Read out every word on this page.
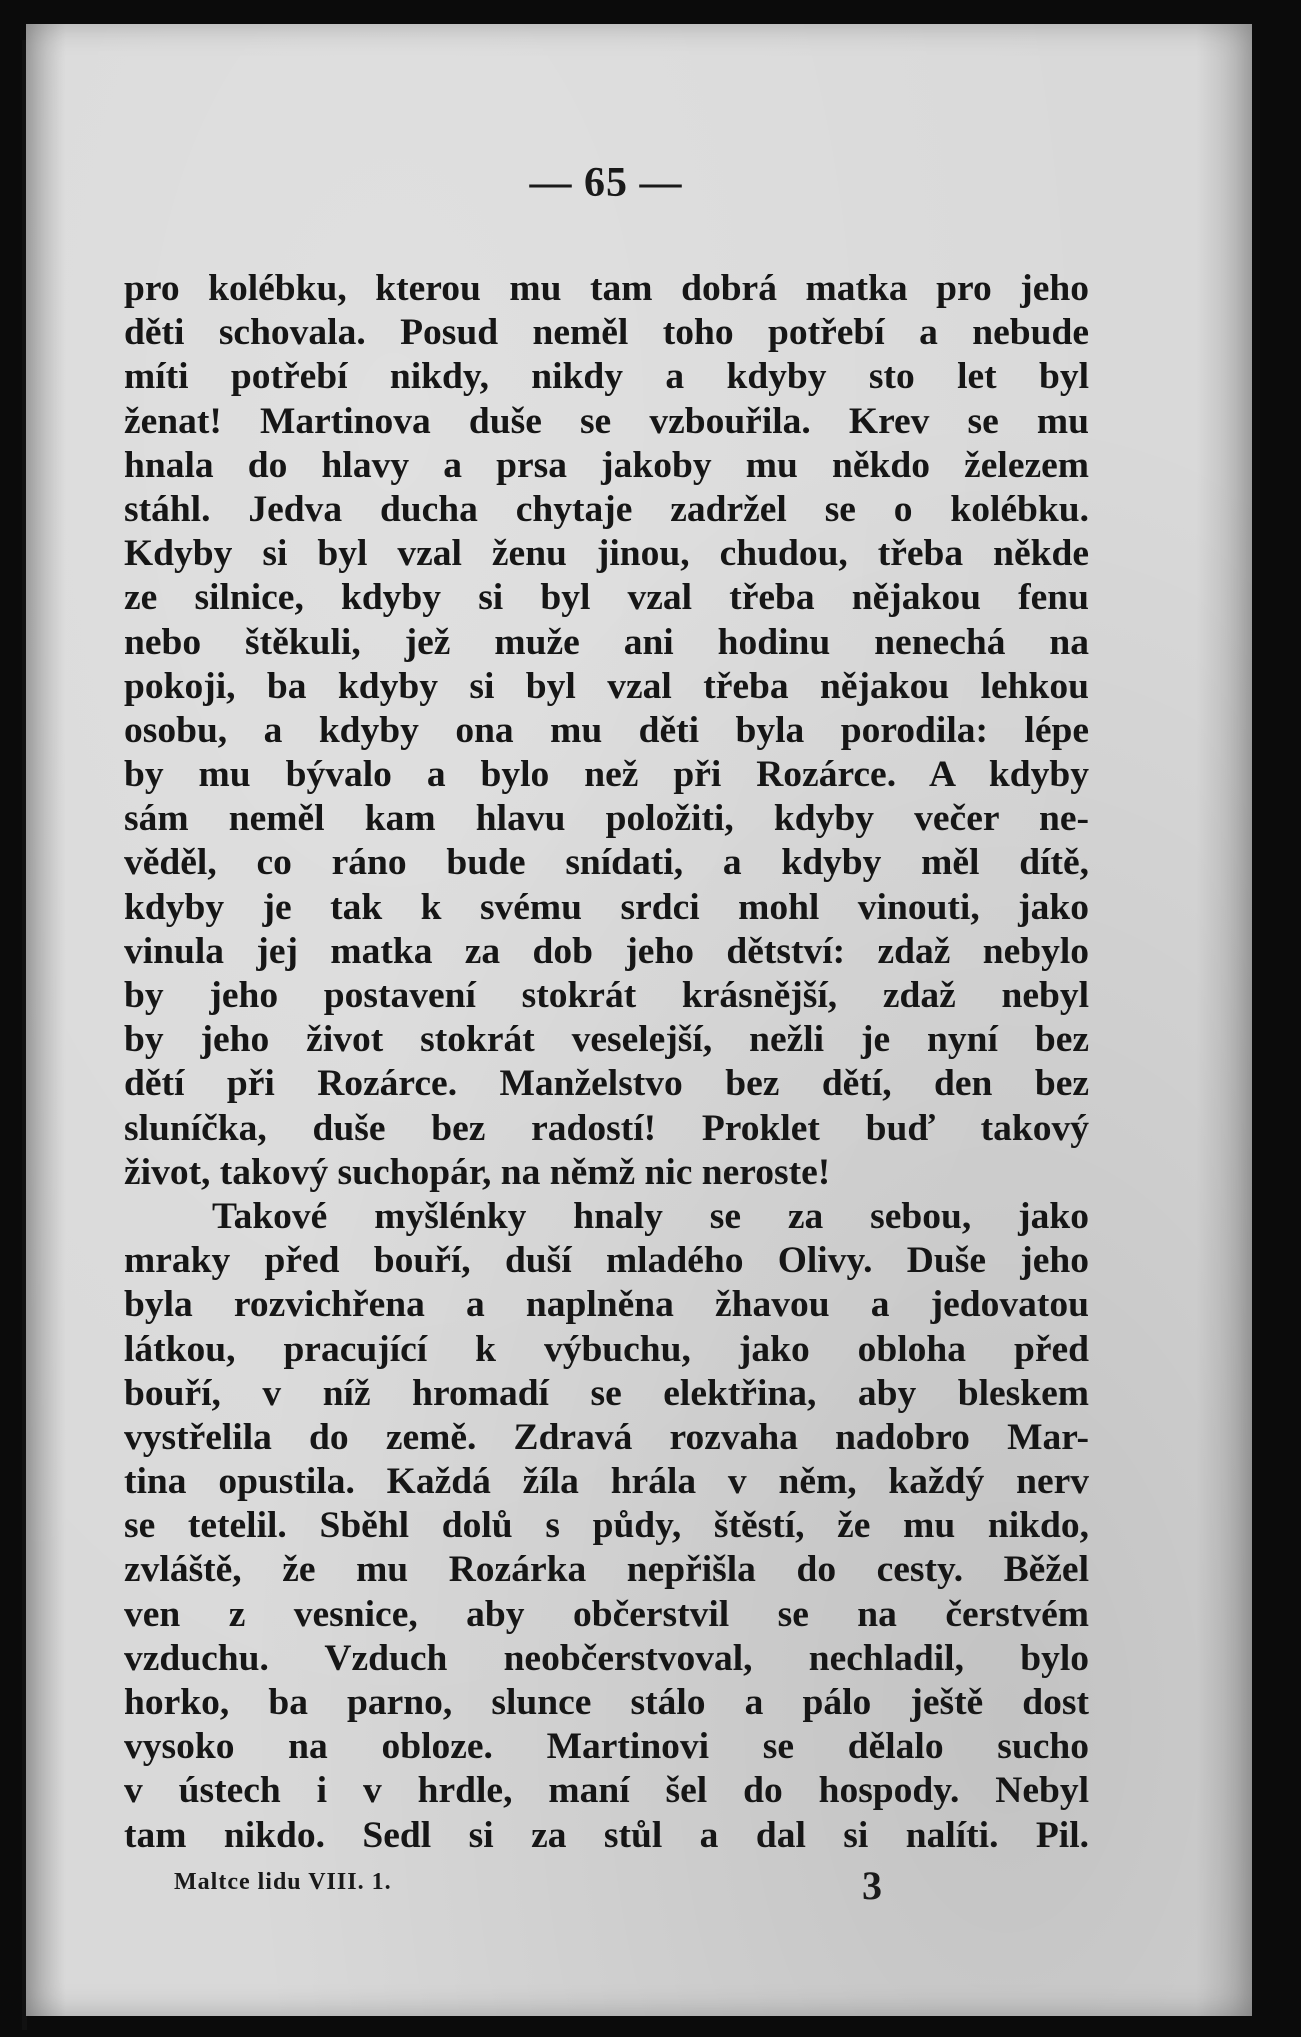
— 65 —
pro kolébku, kterou mu tam dobrá matka pro jeho
děti schovala. Posud neměl toho potřebí a nebude
míti potřebí nikdy, nikdy a kdyby sto let byl
ženat! Martinova duše se vzbouřila. Krev se mu
hnala do hlavy a prsa jakoby mu někdo železem
stáhl. Jedva ducha chytaje zadržel se o kolébku.
Kdyby si byl vzal ženu jinou, chudou, třeba někde
ze silnice, kdyby si byl vzal třeba nějakou fenu
nebo štěkuli, jež muže ani hodinu nenechá na
pokoji, ba kdyby si byl vzal třeba nějakou lehkou
osobu, a kdyby ona mu děti byla porodila: lépe
by mu bývalo a bylo než při Rozárce. A kdyby
sám neměl kam hlavu položiti, kdyby večer ne-
věděl, co ráno bude snídati, a kdyby měl dítě,
kdyby je tak k svému srdci mohl vinouti, jako
vinula jej matka za dob jeho dětství: zdaž nebylo
by jeho postavení stokrát krásnější, zdaž nebyl
by jeho život stokrát veselejší, nežli je nyní bez
dětí při Rozárce. Manželstvo bez dětí, den bez
sluníčka, duše bez radostí! Proklet buď takový
život, takový suchopár, na němž nic neroste!
Takové myšlénky hnaly se za sebou, jako
mraky před bouří, duší mladého Olivy. Duše jeho
byla rozvichřena a naplněna žhavou a jedovatou
látkou, pracující k výbuchu, jako obloha před
bouří, v níž hromadí se elektřina, aby bleskem
vystřelila do země. Zdravá rozvaha nadobro Mar-
tina opustila. Každá žíla hrála v něm, každý nerv
se tetelil. Sběhl dolů s půdy, štěstí, že mu nikdo,
zvláště, že mu Rozárka nepřišla do cesty. Běžel
ven z vesnice, aby občerstvil se na čerstvém
vzduchu. Vzduch neobčerstvoval, nechladil, bylo
horko, ba parno, slunce stálo a pálo ještě dost
vysoko na obloze. Martinovi se dělalo sucho
v ústech i v hrdle, maní šel do hospody. Nebyl
tam nikdo. Sedl si za stůl a dal si nalíti. Pil.
Maltce lidu VIII. 1.	3
